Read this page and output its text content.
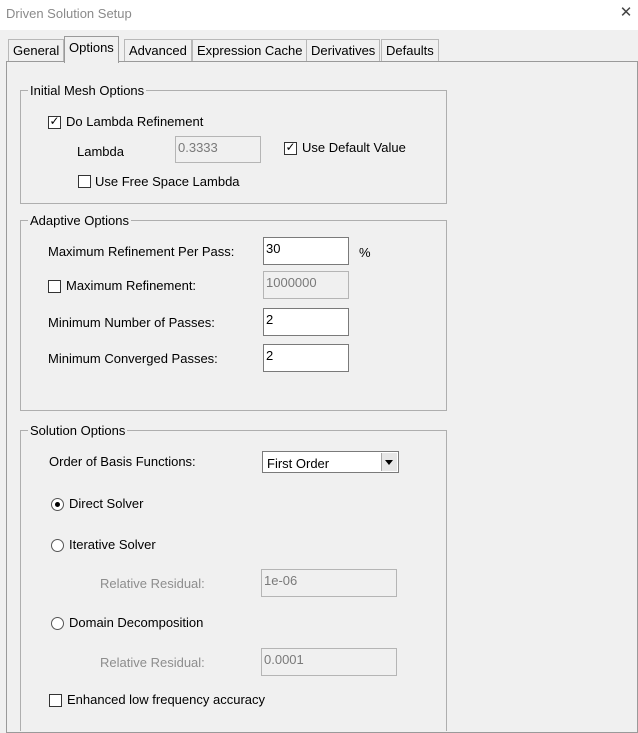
Driven Solution Setup	✕
General Options	Advanced Expression Cache Derivatives Defaults
Initial Mesh Options
✓ Do Lambda Refinement
Lambda	0.3333	✓ Use Default Value
Use Free Space Lambda
Adaptive Options
Maximum Refinement Per Pass: 30	%
Maximum Refinement:	1000000
Minimum Number of Passes:	2
Minimum Converged Passes:	2
Solution Options
Order of Basis Functions:	First Order
Direct Solver
Iterative Solver
Relative Residual:	1e-06
Domain Decomposition
Relative Residual:	0.0001
Enhanced low frequency accuracy
